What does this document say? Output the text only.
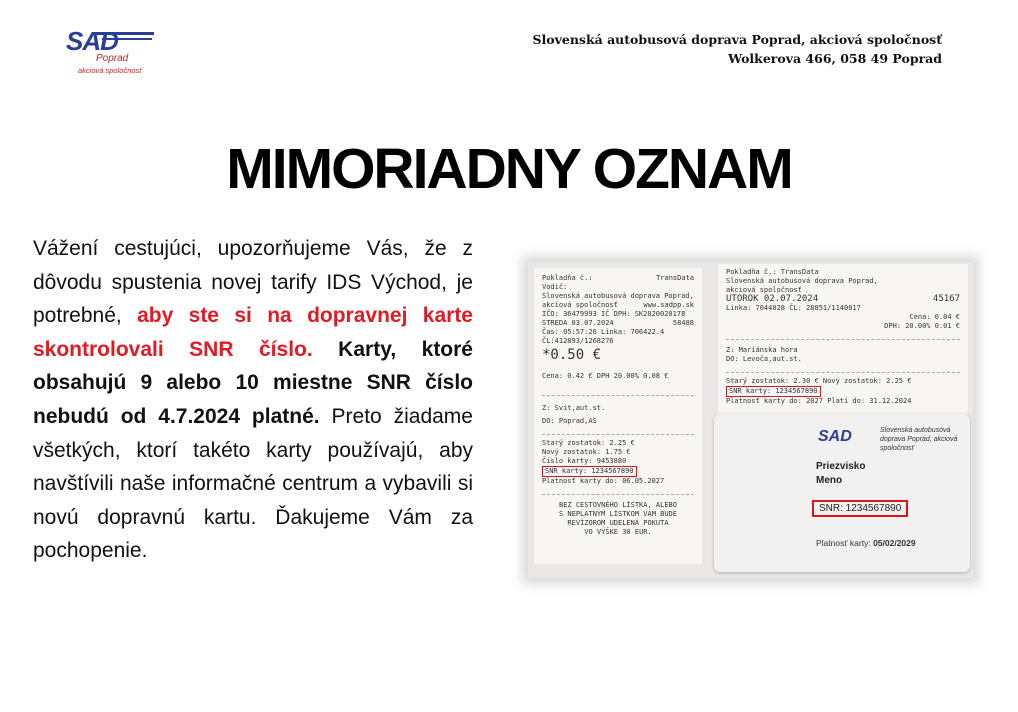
SAD
Poprad
akciová spoločnosť
Slovenská autobusová doprava Poprad, akciová spoločnosť
Wolkerova 466, 058 49 Poprad
MIMORIADNY OZNAM
Vážení cestujúci, upozorňujeme Vás, že z dôvodu spustenia novej tarify IDS Východ, je potrebné, aby ste si na dopravnej karte skontrolovali SNR číslo. Karty, ktoré obsahujú 9 alebo 10 miestne SNR číslo nebudú od 4.7.2024 platné. Preto žiadame všetkých, ktorí takéto karty používajú, aby navštívili naše informačné centrum a vybavili si novú dopravnú kartu. Ďakujeme Vám za pochopenie.
Pokladňa č.:	TransData
Vodič:
Slovenská autobusová doprava Poprad,
akciová spoločnosť	www.sadpp.sk
IČO: 36479993 IČ DPH: SK2020020178
STREDA 03.07.2024	58488
Čas: 05:57:26 Linka: 706422.4
ČL:412893/1268276
*0.50 €
Cena: 0.42 € DPH 20.00% 0.08 €
Z: Svit,aut.st.
DO: Poprad,AS
Starý zostatok: 2.25 €
Nový zostatok: 1.75 €
Číslo karty: 9453880
SNR karty: 1234567890
Platnosť karty do: 06.05.2027
BEZ CESTOVNÉHO LÍSTKA, ALEBO
S NEPLATNÝM LÍSTKOM VÁM BUDE
REVÍZOROM UDELENÁ POKUTA
VO VÝŠKE 30 EUR.
Pokladňa č.: TransData
Slovenská autobusová doprava Poprad,
akciová spoločnosť
UTOROK 02.07.2024	45167
Linka: 7044028 ČL: 28851/1140017
Cena: 0.04 €
DPH: 20.00% 0.01 €
Z: Mariánska hora
DO: Levoča,aut.st.
Starý zostatok: 2.30 € Nový zostatok: 2.25 €
SNR karty: 1234567890
Platnosť karty do: 2027 Platí do: 31.12.2024
SAD	Slovenská autobusová doprava Poprad, akciová spoločnosť
Priezvisko
Meno
SNR: 1234567890
Platnosť karty: 05/02/2029
